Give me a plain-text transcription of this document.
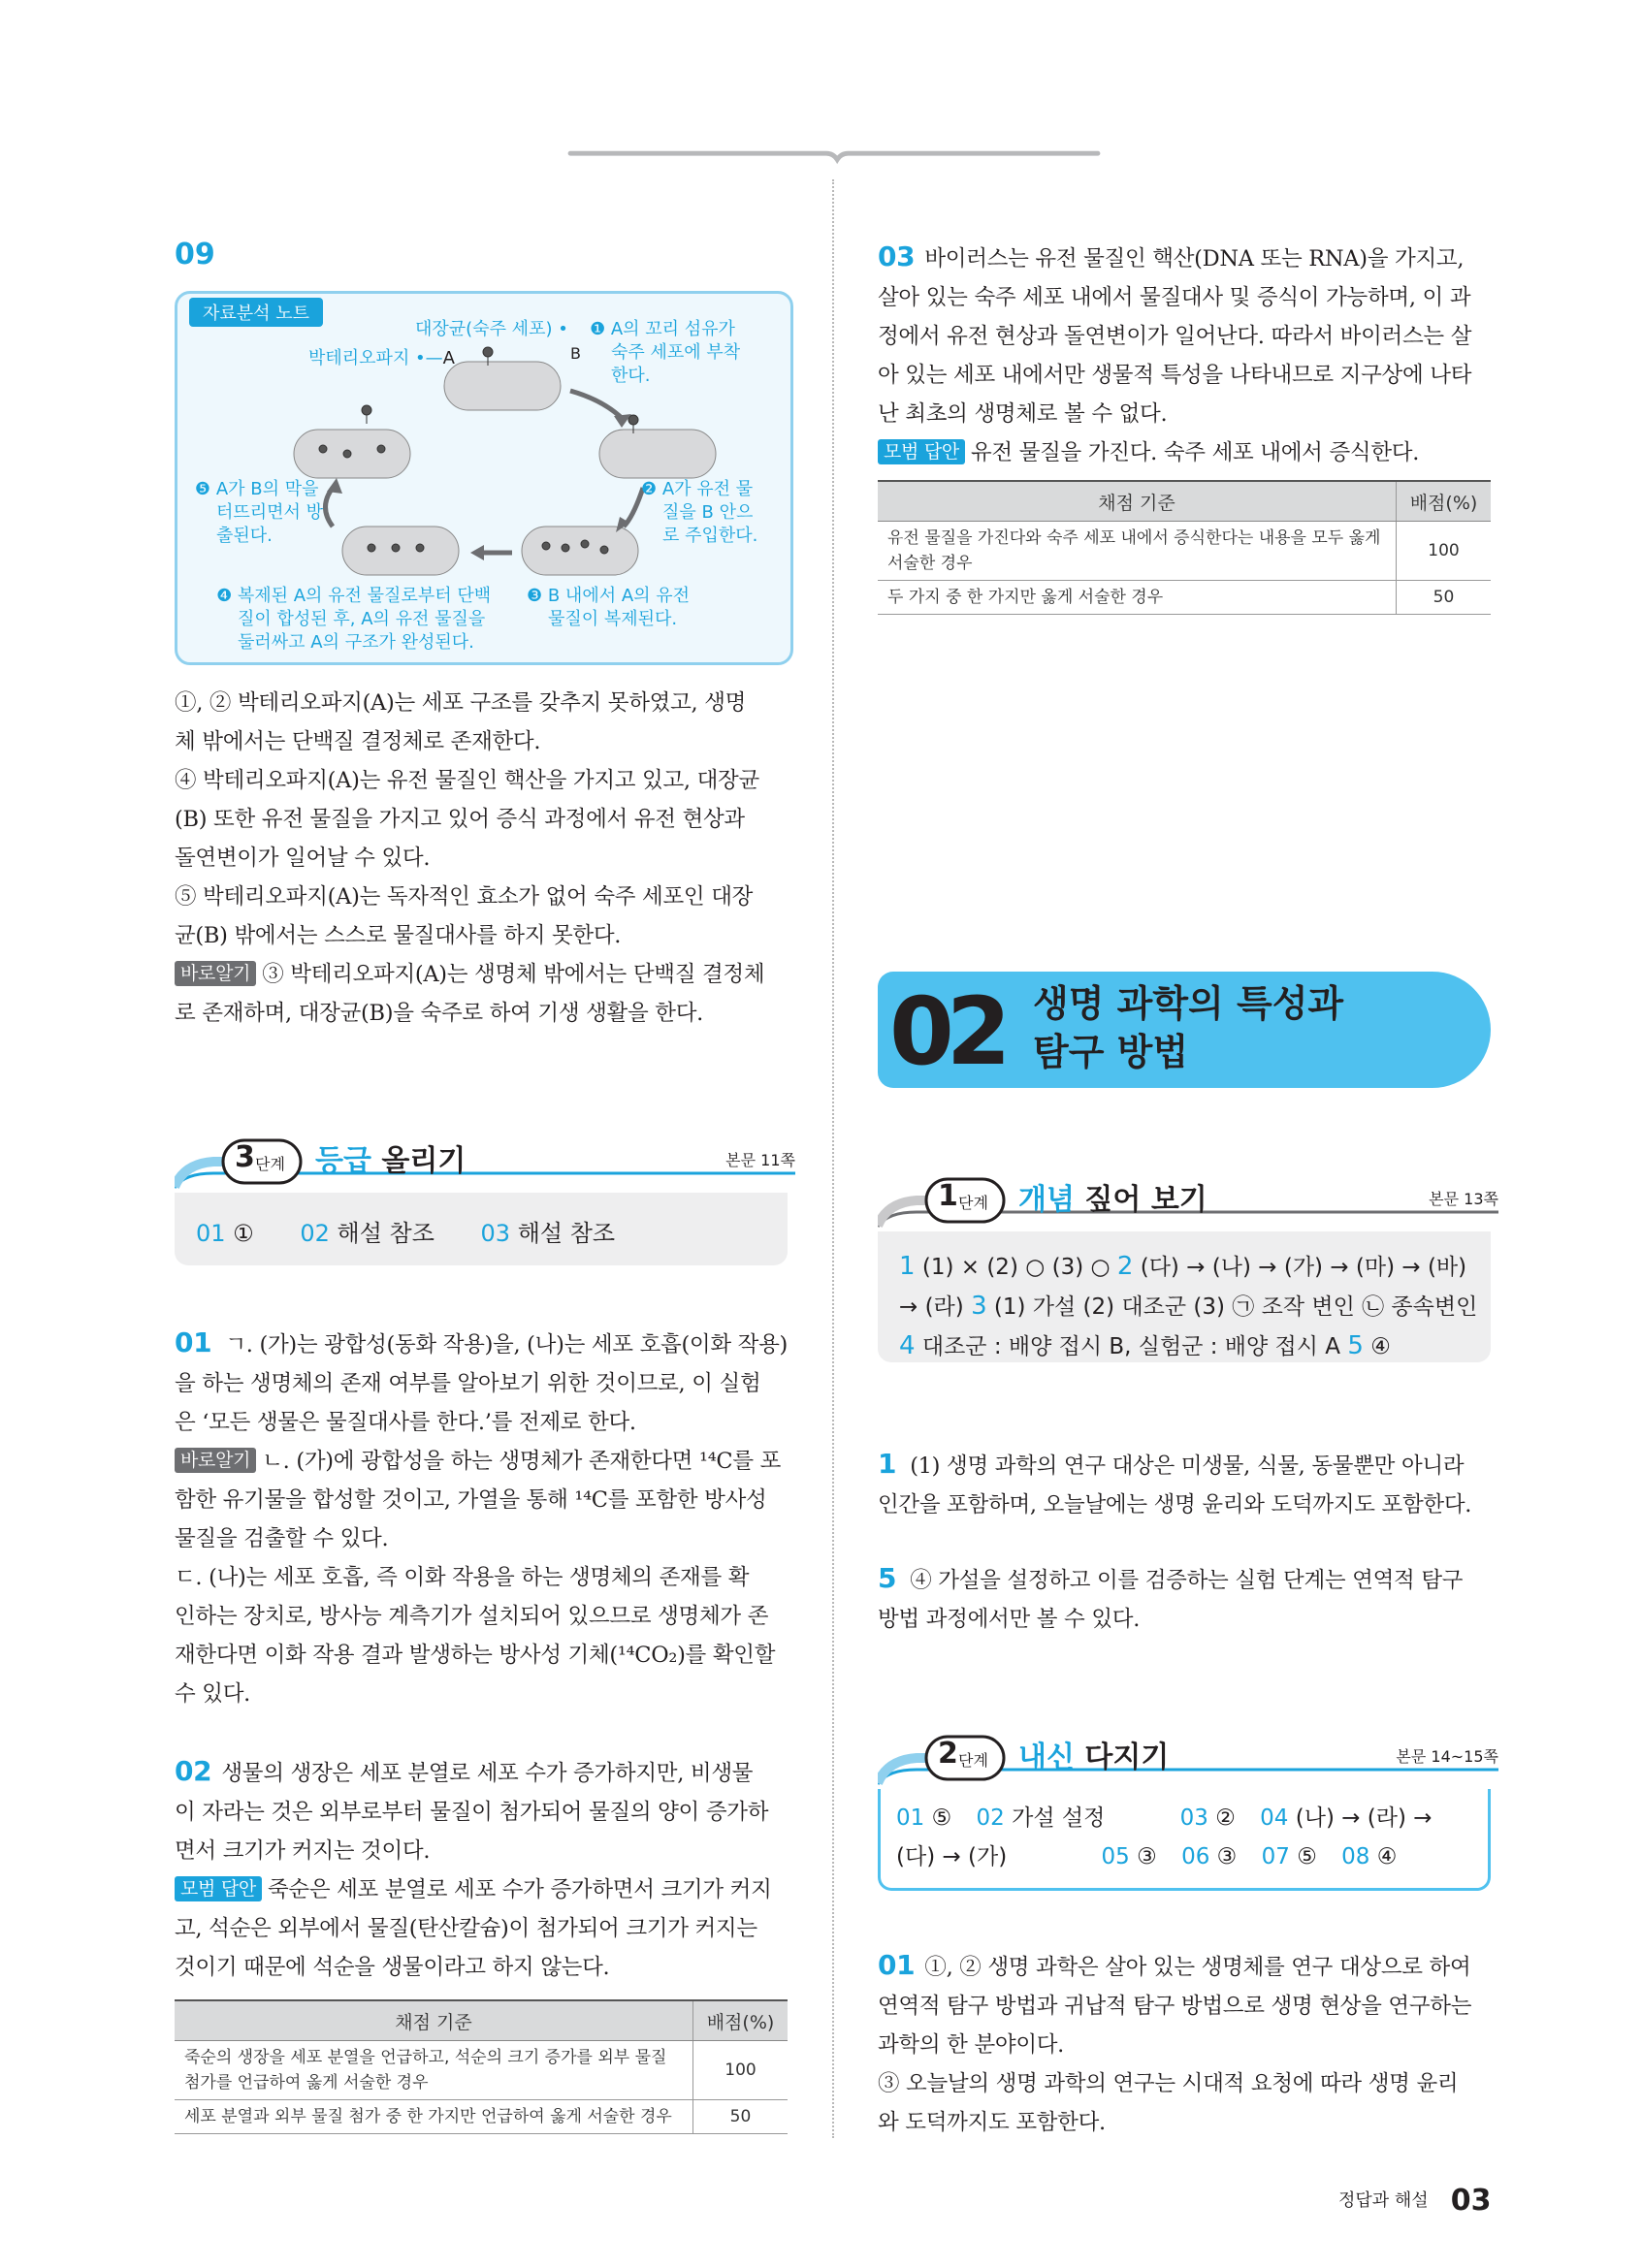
09
자료분석 노트
대장균(숙주 세포) •
박테리오파지 •—A	B
❶ A의 꼬리 섬유가
숙주 세포에 부착
한다.
❷ A가 유전 물
질을 B 안으
로 주입한다.
❸ B 내에서 A의 유전
물질이 복제된다.
❹ 복제된 A의 유전 물질로부터 단백
질이 합성된 후, A의 유전 물질을
둘러싸고 A의 구조가 완성된다.
❺ A가 B의 막을
터뜨리면서 방
출된다.

①, ② 박테리오파지(A)는 세포 구조를 갖추지 못하였고, 생명

체 밖에서는 단백질 결정체로 존재한다.

④ 박테리오파지(A)는 유전 물질인 핵산을 가지고 있고, 대장균

(B) 또한 유전 물질을 가지고 있어 증식 과정에서 유전 현상과

돌연변이가 일어날 수 있다.

⑤ 박테리오파지(A)는 독자적인 효소가 없어 숙주 세포인 대장

균(B) 밖에서는 스스로 물질대사를 하지 못한다.

바로알기 ③ 박테리오파지(A)는 생명체 밖에서는 단백질 결정체

로 존재하며, 대장균(B)을 숙주로 하여 기생 생활을 한다.

3 단계 등급 올리기	본문 11쪽
01 ① 02 해설 참조 03 해설 참조

01 ㄱ. (가)는 광합성(동화 작용)을, (나)는 세포 호흡(이화 작용)

을 하는 생명체의 존재 여부를 알아보기 위한 것이므로, 이 실험

은 ‘모든 생물은 물질대사를 한다.’를 전제로 한다.

바로알기 ㄴ. (가)에 광합성을 하는 생명체가 존재한다면 ¹⁴C를 포

함한 유기물을 합성할 것이고, 가열을 통해 ¹⁴C를 포함한 방사성

물질을 검출할 수 있다.

ㄷ. (나)는 세포 호흡, 즉 이화 작용을 하는 생명체의 존재를 확

인하는 장치로, 방사능 계측기가 설치되어 있으므로 생명체가 존

재한다면 이화 작용 결과 발생하는 방사성 기체(¹⁴CO₂)를 확인할

수 있다.

02 생물의 생장은 세포 분열로 세포 수가 증가하지만, 비생물

이 자라는 것은 외부로부터 물질이 첨가되어 물질의 양이 증가하

면서 크기가 커지는 것이다.

모범 답안 죽순은 세포 분열로 세포 수가 증가하면서 크기가 커지

고, 석순은 외부에서 물질(탄산칼슘)이 첨가되어 크기가 커지는

것이기 때문에 석순을 생물이라고 하지 않는다.

채점 기준	배점(%)

죽순의 생장을 세포 분열을 언급하고, 석순의 크기 증가를 외부 물질
첨가를 언급하여 옳게 서술한 경우	100
세포 분열과 외부 물질 첨가 중 한 가지만 언급하여 옳게 서술한 경우	50

03 바이러스는 유전 물질인 핵산(DNA 또는 RNA)을 가지고,

살아 있는 숙주 세포 내에서 물질대사 및 증식이 가능하며, 이 과

정에서 유전 현상과 돌연변이가 일어난다. 따라서 바이러스는 살

아 있는 세포 내에서만 생물적 특성을 나타내므로 지구상에 나타

난 최초의 생명체로 볼 수 없다.

모범 답안 유전 물질을 가진다. 숙주 세포 내에서 증식한다.

채점 기준	배점(%)

유전 물질을 가진다와 숙주 세포 내에서 증식한다는 내용을 모두 옳게
서술한 경우	100
두 가지 중 한 가지만 옳게 서술한 경우	50
02 생명 과학의 특성과
탐구 방법
1 단계 개념 짚어 보기	본문 13쪽
1 (1) × (2) ○ (3) ○ 2 (다) → (나) → (가) → (마) → (바)
→ (라) 3 (1) 가설 (2) 대조군 (3) ㉠ 조작 변인 ㉡ 종속변인
4 대조군 : 배양 접시 B, 실험군 : 배양 접시 A 5 ④

1 (1) 생명 과학의 연구 대상은 미생물, 식물, 동물뿐만 아니라

인간을 포함하며, 오늘날에는 생명 윤리와 도덕까지도 포함한다.

5 ④ 가설을 설정하고 이를 검증하는 실험 단계는 연역적 탐구

방법 과정에서만 볼 수 있다.

2 단계 내신 다지기	본문 14~15쪽
01 ⑤ 02 가설 설정	03 ② 04 (나) → (라) →
(다) → (가)	05 ③ 06 ③ 07 ⑤ 08 ④

01 ①, ② 생명 과학은 살아 있는 생명체를 연구 대상으로 하여

연역적 탐구 방법과 귀납적 탐구 방법으로 생명 현상을 연구하는

과학의 한 분야이다.

③ 오늘날의 생명 과학의 연구는 시대적 요청에 따라 생명 윤리

와 도덕까지도 포함한다.

정답과 해설 03
